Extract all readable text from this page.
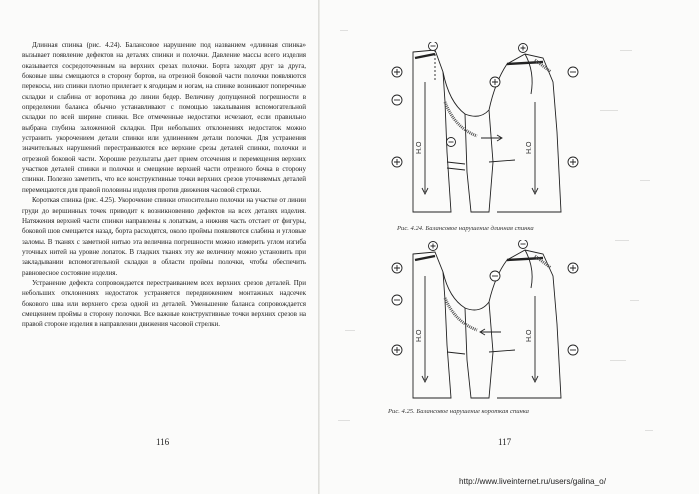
Длинная спинка (рис. 4.24). Балансовое нарушение под названием «длинная спинка» вызывает появление дефектов на деталях спинки и полочки. Давление массы всего изделия оказывается сосредоточенным на верхних срезах полочки. Борта заходят друг за друга, боковые швы смещаются в сторону бортов, на отрезной боковой части полочки появляются перекосы, низ спинки плотно прилегает к ягодицам и ногам, на спинке возникают поперечные складки и слабина от воротника до линии бедер. Величину допущенной погрешности в определении баланса обычно устанавливают с помощью закалывания вспомогательной складки по всей ширине спинки. Все отмеченные недостатки исчезают, если правильно выбрана глубина заложенной складки. При небольших отклонениях недостаток можно устранить укорочением детали спинки или удлинением детали полочки. Для устранения значительных нарушений перестраиваются все верхние срезы деталей спинки, полочки и отрезной боковой части. Хорошие результаты дает прием отсечения и перемещения верхних участков деталей спинки и полочки и смещение верхней части отрезного бочка в сторону спинки. Полезно заметить, что все конструктивные точки верхних срезов уточняемых деталей перемещаются для правой половины изделия против движения часовой стрелки.

Короткая спинка (рис. 4.25). Укорочение спинки относительно полочки на участке от линии груди до вершинных точек приводит к возникновению дефектов на всех деталях изделия. Натяжения верхней части спинки направлены к лопаткам, а нижняя часть отстает от фигуры, боковой шов смещается назад, борта расходятся, около проймы появляются слабина и угловые заломы. В тканях с заметной нитью эта величина погрешности можно измерить углом изгиба уточных нитей на уровне лопаток. В гладких тканях эту же величину можно установить при закладывании вспомогательной складки в области проймы полочки, чтобы обеспечить равновесное состояние изделия.

Устранение дефекта сопровождается перестраиванием всех верхних срезов деталей. При небольших отклонениях недостаток устраняется передвижением монтажных надсечек бокового шва или верхнего среза одной из деталей. Уменьшение баланса сопровождается смещением проймы в сторону полочки. Все важные конструктивные точки верхних срезов на правой стороне изделия в направлении движения часовой стрелки.

116
Н.О	Н.О
Рис. 4.24. Балансовое нарушение длинная спинка
Н.О	Н.О
Рис. 4.25. Балансовое нарушение короткая спинка
117
http://www.liveinternet.ru/users/galina_o/
